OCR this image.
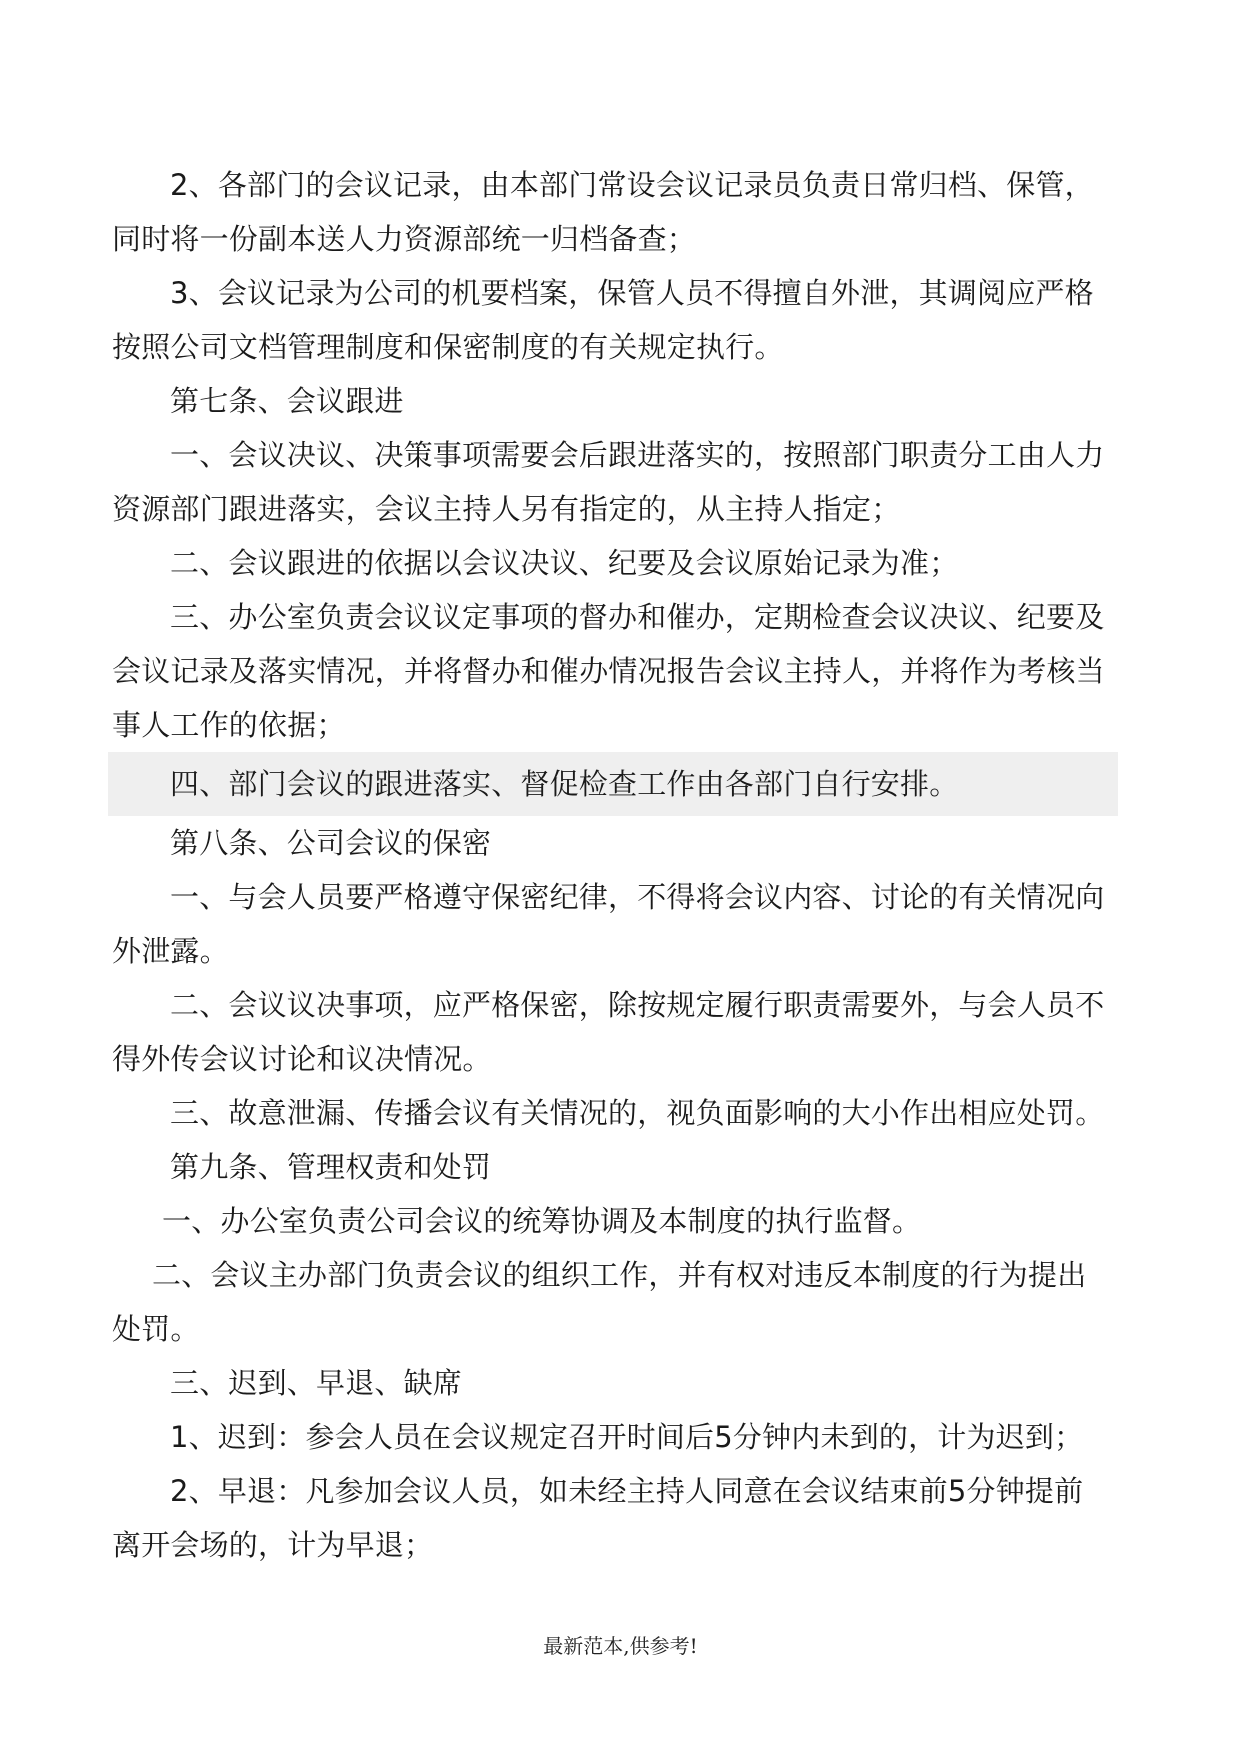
2、各部门的会议记录，由本部门常设会议记录员负责日常归档、保管，同时将一份副本送人力资源部统一归档备查；

3、会议记录为公司的机要档案，保管人员不得擅自外泄，其调阅应严格按照公司文档管理制度和保密制度的有关规定执行。

第七条、会议跟进

一、会议决议、决策事项需要会后跟进落实的，按照部门职责分工由人力资源部门跟进落实，会议主持人另有指定的，从主持人指定；

二、会议跟进的依据以会议决议、纪要及会议原始记录为准；

三、办公室负责会议议定事项的督办和催办，定期检查会议决议、纪要及会议记录及落实情况，并将督办和催办情况报告会议主持人，并将作为考核当事人工作的依据；

四、部门会议的跟进落实、督促检查工作由各部门自行安排。

第八条、公司会议的保密

一、与会人员要严格遵守保密纪律，不得将会议内容、讨论的有关情况向外泄露。

二、会议议决事项，应严格保密，除按规定履行职责需要外，与会人员不得外传会议讨论和议决情况。

三、故意泄漏、传播会议有关情况的，视负面影响的大小作出相应处罚。

第九条、管理权责和处罚

一、办公室负责公司会议的统筹协调及本制度的执行监督。

二、会议主办部门负责会议的组织工作，并有权对违反本制度的行为提出处罚。

三、迟到、早退、缺席

1、迟到：参会人员在会议规定召开时间后5分钟内未到的，计为迟到；

2、早退：凡参加会议人员，如未经主持人同意在会议结束前5分钟提前离开会场的，计为早退；

最新范本,供参考!
